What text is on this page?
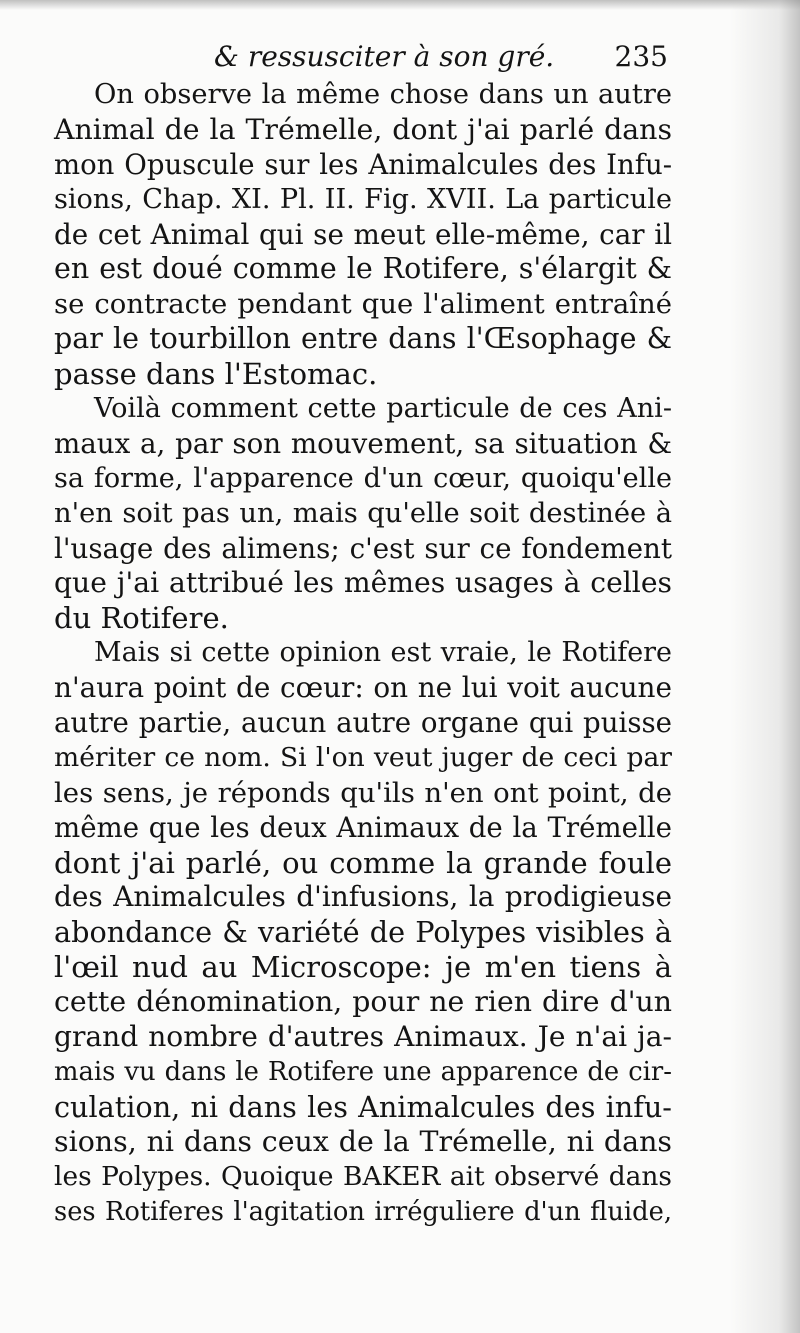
& ressusciter à son gré. 235
On observe la même chose dans un autre
Animal de la Trémelle, dont j'ai parlé dans
mon Opuscule sur les Animalcules des Infu-
sions, Chap. XI. Pl. II. Fig. XVII. La particule
de cet Animal qui se meut elle-même, car il
en est doué comme le Rotifere, s'élargit &
se contracte pendant que l'aliment entraîné
par le tourbillon entre dans l'Œsophage &
passe dans l'Estomac.
Voilà comment cette particule de ces Ani-
maux a, par son mouvement, sa situation &
sa forme, l'apparence d'un cœur, quoiqu'elle
n'en soit pas un, mais qu'elle soit destinée à
l'usage des alimens; c'est sur ce fondement
que j'ai attribué les mêmes usages à celles
du Rotifere.
Mais si cette opinion est vraie, le Rotifere
n'aura point de cœur: on ne lui voit aucune
autre partie, aucun autre organe qui puisse
mériter ce nom. Si l'on veut juger de ceci par
les sens, je réponds qu'ils n'en ont point, de
même que les deux Animaux de la Trémelle
dont j'ai parlé, ou comme la grande foule
des Animalcules d'infusions, la prodigieuse
abondance & variété de Polypes visibles à
l'œil nud au Microscope: je m'en tiens à
cette dénomination, pour ne rien dire d'un
grand nombre d'autres Animaux. Je n'ai ja-
mais vu dans le Rotifere une apparence de cir-
culation, ni dans les Animalcules des infu-
sions, ni dans ceux de la Trémelle, ni dans
les Polypes. Quoique BAKER ait observé dans
ses Rotiferes l'agitation irréguliere d'un fluide,
